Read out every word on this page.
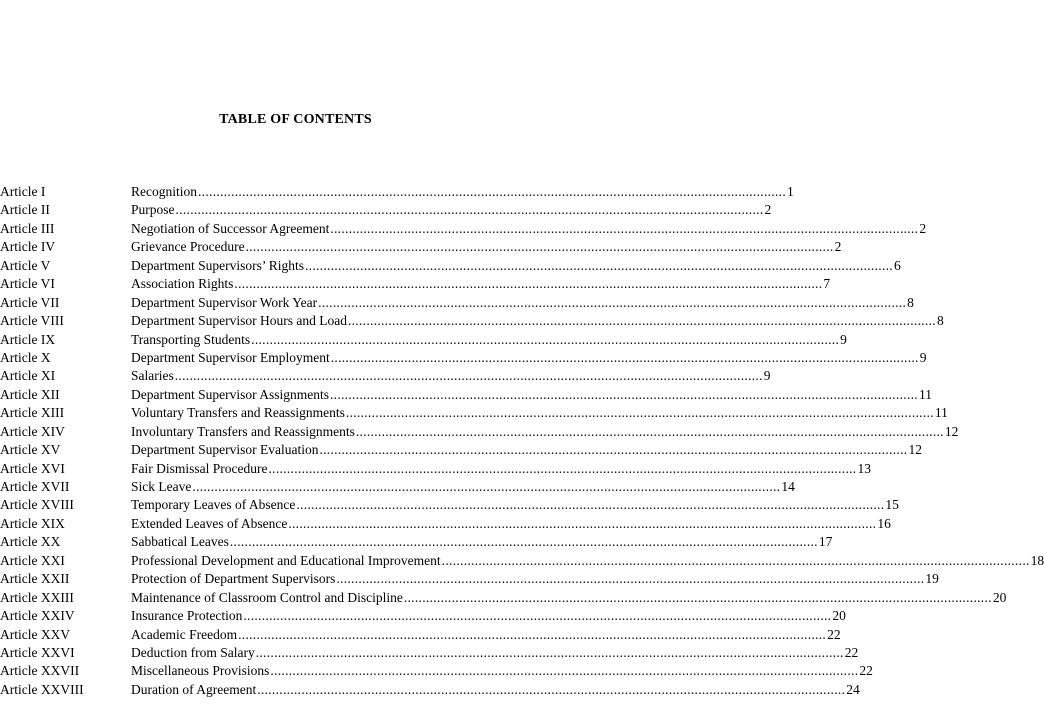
TABLE OF CONTENTS
Article I	Recognition ................................................................................................................................................................ 1
Article II	Purpose ................................................................................................................................................................ 2
Article III	Negotiation of Successor Agreement ................................................................................................................................................................ 2
Article IV	Grievance Procedure ................................................................................................................................................................ 2
Article V	Department Supervisors’ Rights ................................................................................................................................................................ 6
Article VI	Association Rights ................................................................................................................................................................ 7
Article VII	Department Supervisor Work Year ................................................................................................................................................................ 8
Article VIII	Department Supervisor Hours and Load ................................................................................................................................................................ 8
Article IX	Transporting Students ................................................................................................................................................................ 9
Article X	Department Supervisor Employment ................................................................................................................................................................ 9
Article XI	Salaries ................................................................................................................................................................ 9
Article XII	Department Supervisor Assignments ................................................................................................................................................................ 11
Article XIII	Voluntary Transfers and Reassignments ................................................................................................................................................................ 11
Article XIV	Involuntary Transfers and Reassignments ................................................................................................................................................................ 12
Article XV	Department Supervisor Evaluation ................................................................................................................................................................ 12
Article XVI	Fair Dismissal Procedure ................................................................................................................................................................ 13
Article XVII	Sick Leave ................................................................................................................................................................ 14
Article XVIII	Temporary Leaves of Absence ................................................................................................................................................................ 15
Article XIX	Extended Leaves of Absence ................................................................................................................................................................ 16
Article XX	Sabbatical Leaves ................................................................................................................................................................ 17
Article XXI	Professional Development and Educational Improvement ................................................................................................................................................................ 18
Article XXII	Protection of Department Supervisors ................................................................................................................................................................ 19
Article XXIII	Maintenance of Classroom Control and Discipline ................................................................................................................................................................ 20
Article XXIV	Insurance Protection ................................................................................................................................................................ 20
Article XXV	Academic Freedom ................................................................................................................................................................ 22
Article XXVI	Deduction from Salary ................................................................................................................................................................ 22
Article XXVII	Miscellaneous Provisions ................................................................................................................................................................ 22
Article XXVIII	Duration of Agreement ................................................................................................................................................................ 24
